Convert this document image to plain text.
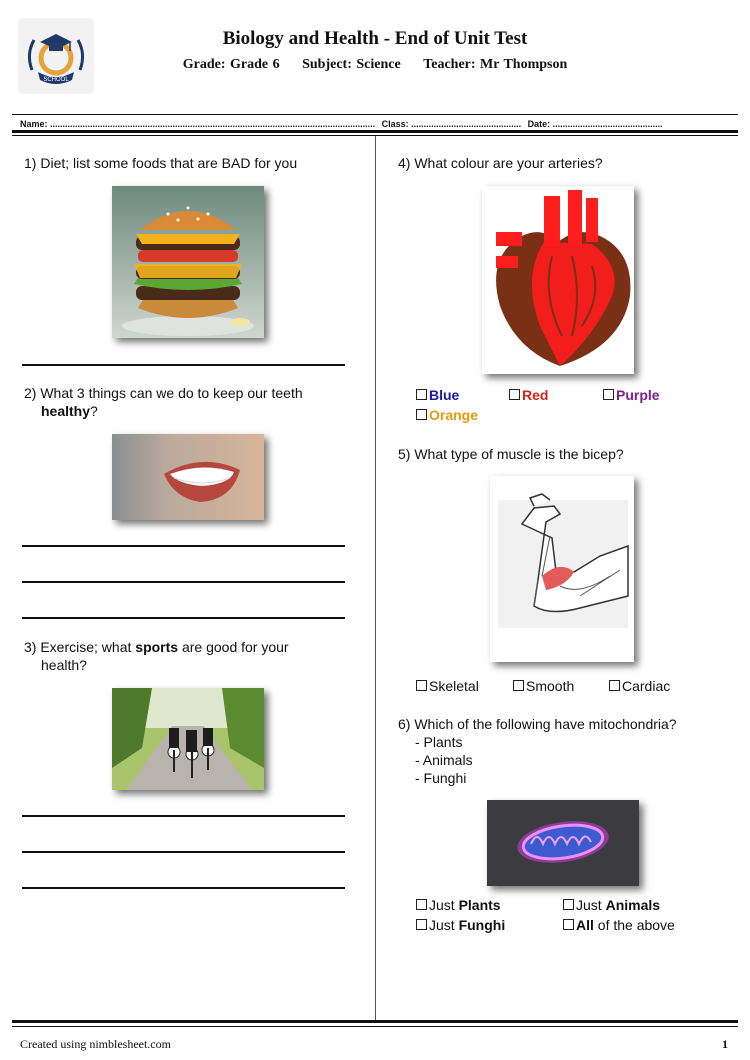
SCHOOL
Biology and Health - End of Unit Test
Grade: Grade 6 Subject: Science Teacher: Mr Thompson
Name: .................................................................................................................................. Class: ............................................ Date: ............................................
1) Diet; list some foods that are BAD for you
2) What 3 things can we do to keep our teeth
healthy?
3) Exercise; what sports are good for your
health?
4) What colour are your arteries?
Blue	Red	Purple
Orange
5) What type of muscle is the bicep?
Skeletal	Smooth	Cardiac
6) Which of the following have mitochondria?
- Plants
- Animals
- Funghi
Just Plants	Just Animals
Just Funghi	All of the above
Created using nimblesheet.com	1
